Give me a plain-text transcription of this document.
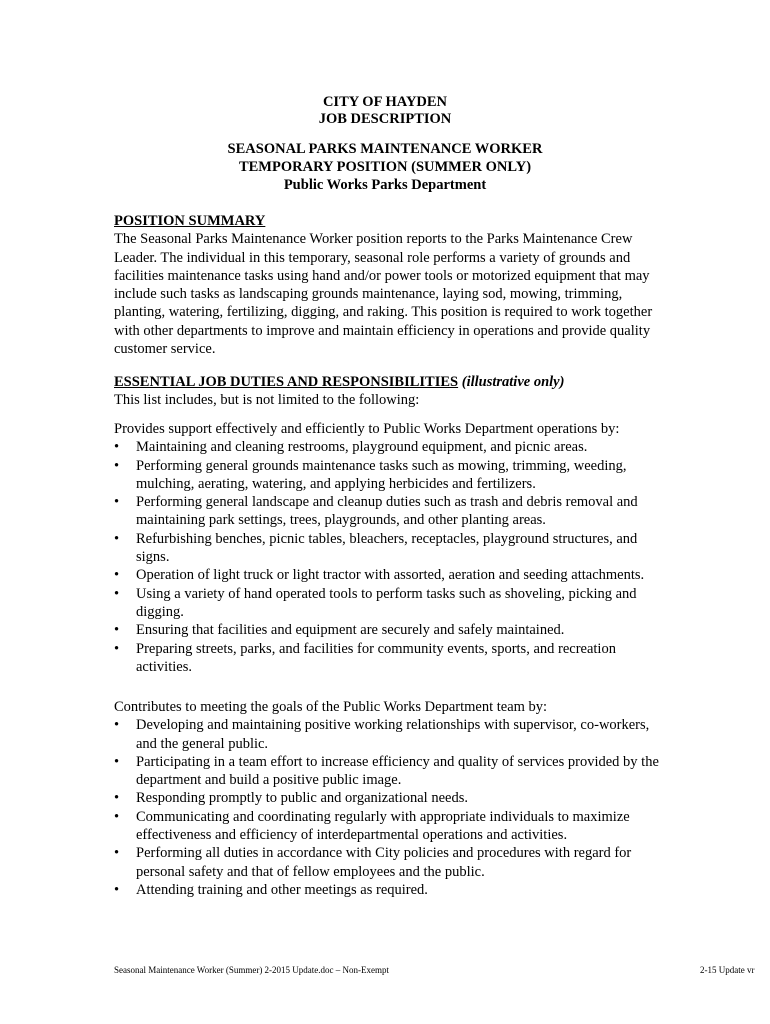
CITY OF HAYDEN
JOB DESCRIPTION
SEASONAL PARKS MAINTENANCE WORKER
TEMPORARY POSITION (SUMMER ONLY)
Public Works Parks Department
POSITION SUMMARY

The Seasonal Parks Maintenance Worker position reports to the Parks Maintenance Crew Leader. The individual in this temporary, seasonal role performs a variety of grounds and facilities maintenance tasks using hand and/or power tools or motorized equipment that may include such tasks as landscaping grounds maintenance, laying sod, mowing, trimming, planting, watering, fertilizing, digging, and raking. This position is required to work together with other departments to improve and maintain efficiency in operations and provide quality customer service.

ESSENTIAL JOB DUTIES AND RESPONSIBILITIES (illustrative only)

This list includes, but is not limited to the following:

Provides support effectively and efficiently to Public Works Department operations by:

•	Maintaining and cleaning restrooms, playground equipment, and picnic areas.
•	Performing general grounds maintenance tasks such as mowing, trimming, weeding, mulching, aerating, watering, and applying herbicides and fertilizers.
•	Performing general landscape and cleanup duties such as trash and debris removal and maintaining park settings, trees, playgrounds, and other planting areas.
•	Refurbishing benches, picnic tables, bleachers, receptacles, playground structures, and signs.
•	Operation of light truck or light tractor with assorted, aeration and seeding attachments.
•	Using a variety of hand operated tools to perform tasks such as shoveling, picking and digging.
•	Ensuring that facilities and equipment are securely and safely maintained.
•	Preparing streets, parks, and facilities for community events, sports, and recreation activities.

Contributes to meeting the goals of the Public Works Department team by:

•	Developing and maintaining positive working relationships with supervisor, co-workers, and the general public.
•	Participating in a team effort to increase efficiency and quality of services provided by the department and build a positive public image.
•	Responding promptly to public and organizational needs.
•	Communicating and coordinating regularly with appropriate individuals to maximize effectiveness and efficiency of interdepartmental operations and activities.
•	Performing all duties in accordance with City policies and procedures with regard for personal safety and that of fellow employees and the public.
•	Attending training and other meetings as required.
Seasonal Maintenance Worker (Summer) 2-2015 Update.doc – Non-Exempt	2-15 Update vr
